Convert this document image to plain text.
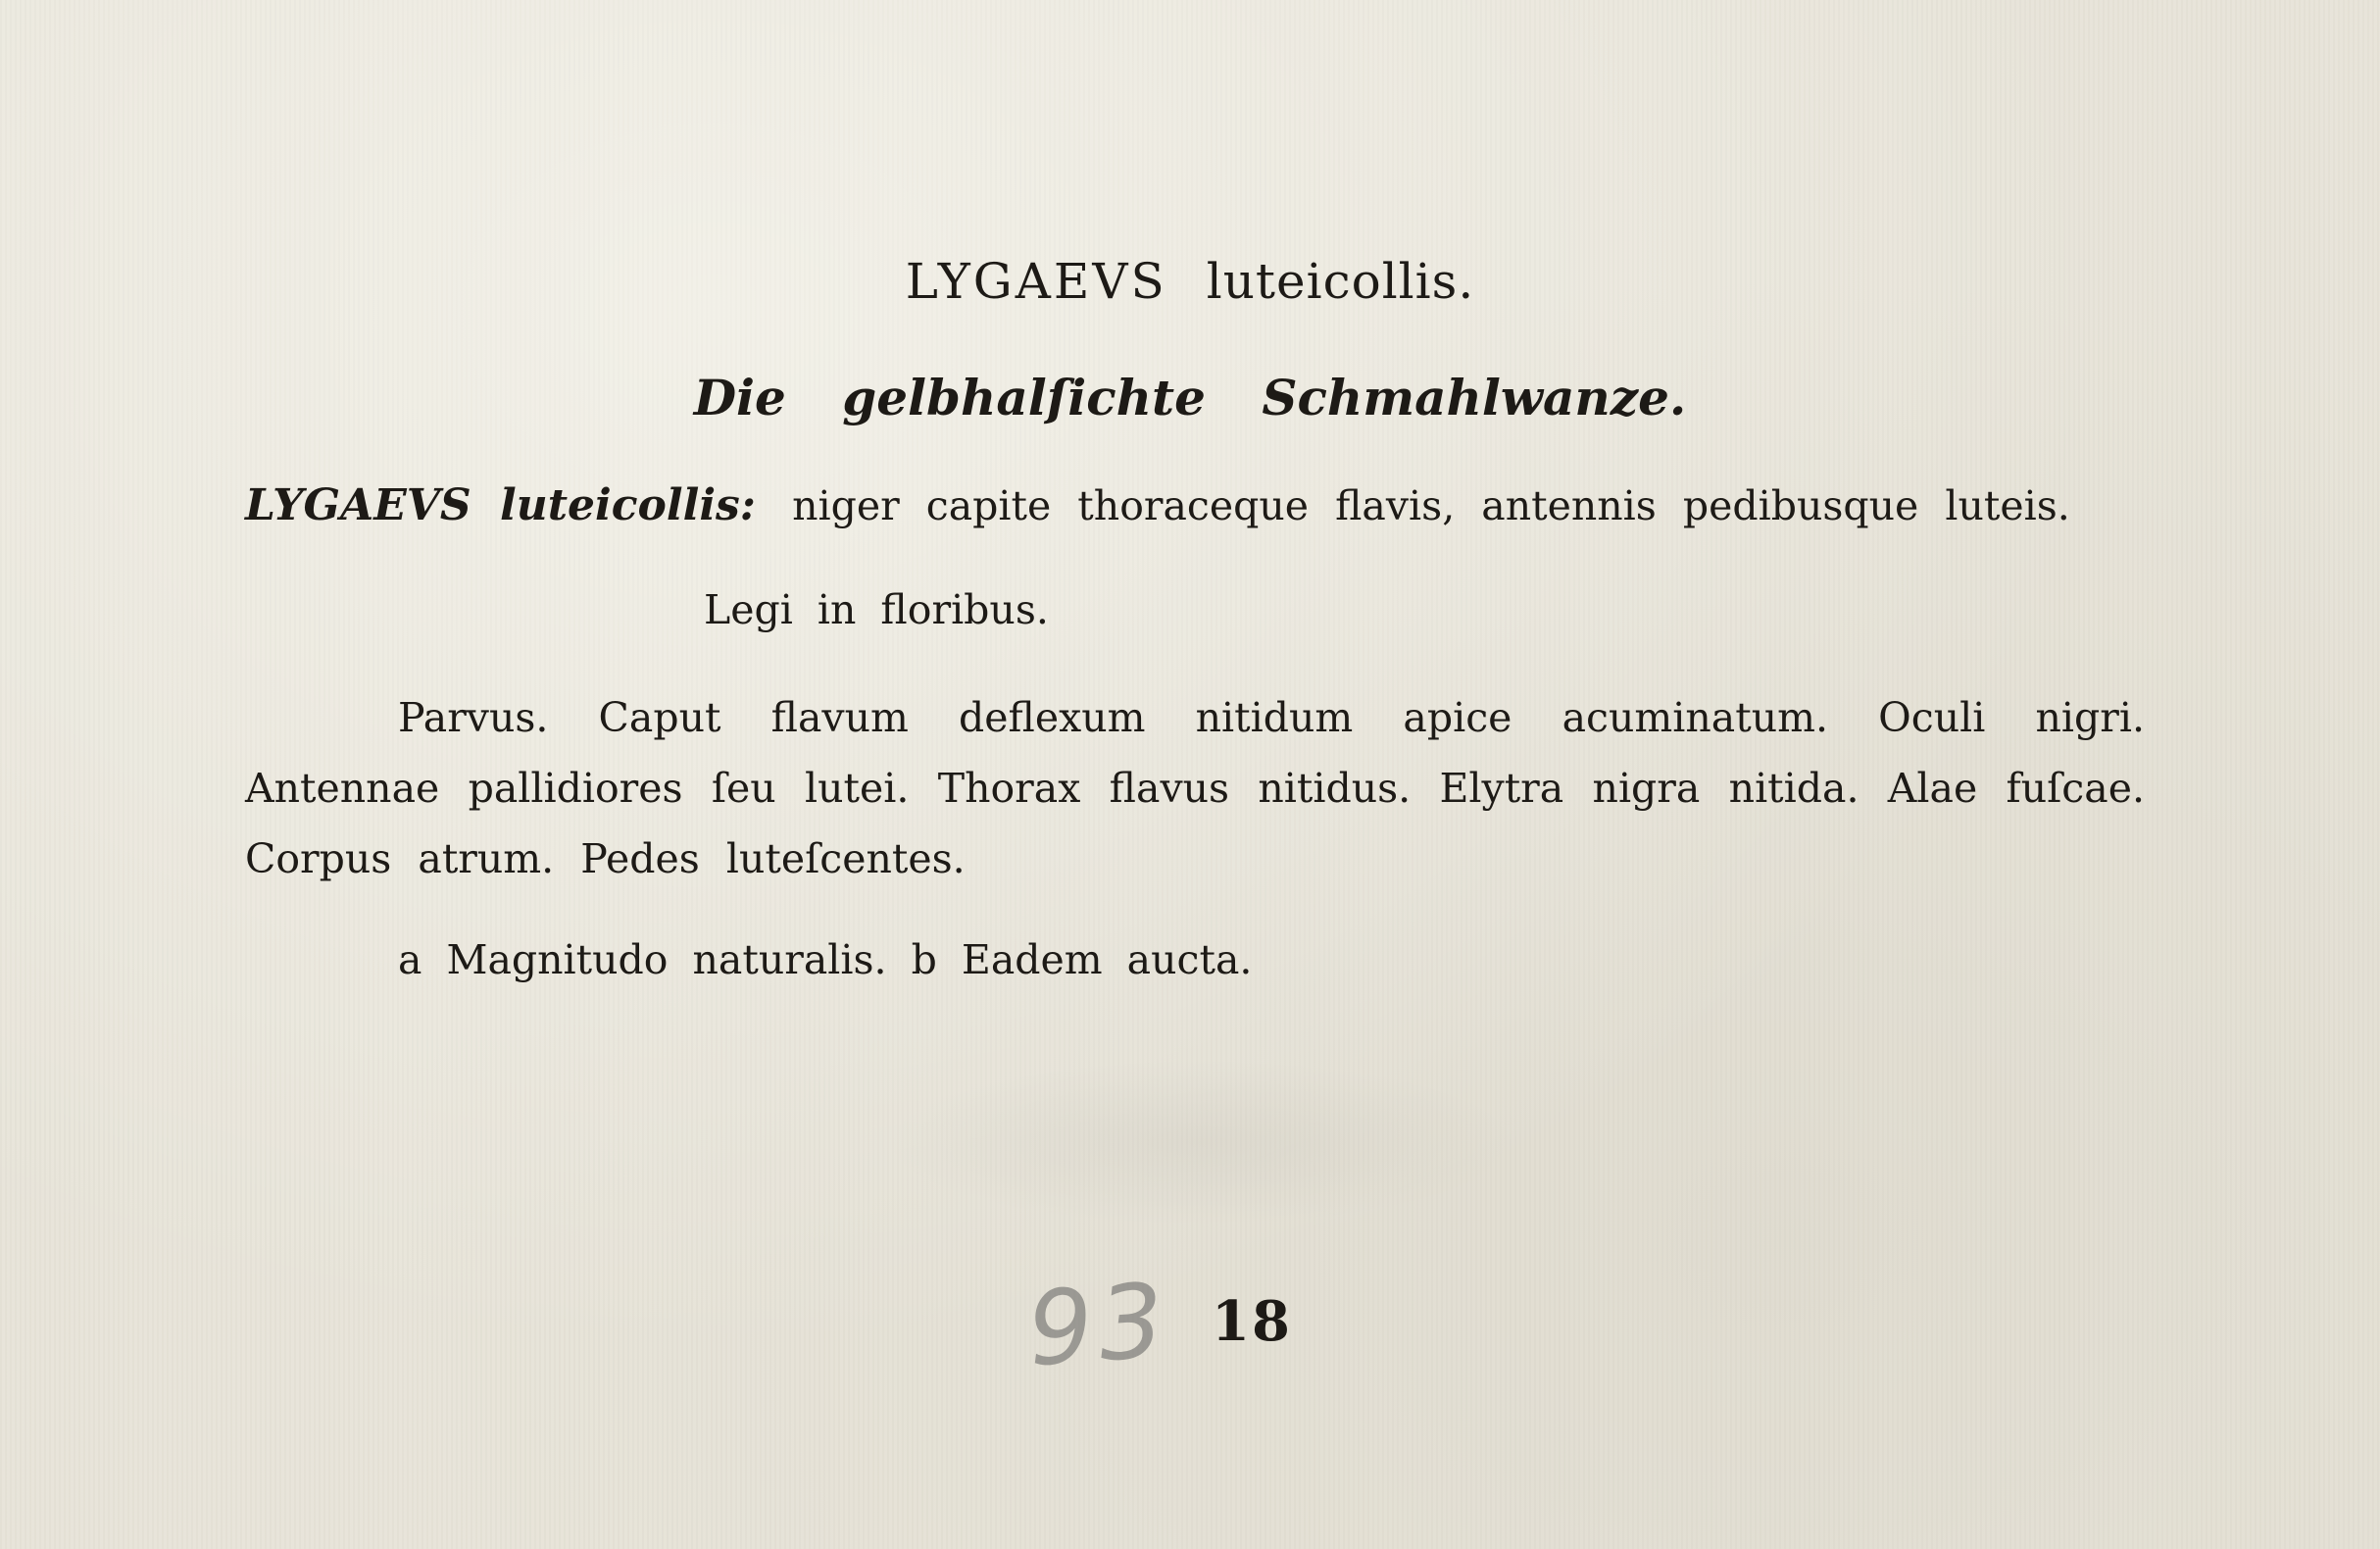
LYGAEVS luteicollis.

Die gelbhalſichte Schmahlwanze.

LYGAEVS luteicollis: niger capite thoraceque flavis, antennis pedibusque luteis.

Legi in floribus.

Parvus. Caput flavum deflexum nitidum apice acuminatum. Oculi nigri. Antennae pallidiores ſeu lutei. Thorax flavus nitidus. Elytra nigra nitida. Alae fuſcae. Corpus atrum. Pedes luteſcentes.

a Magnitudo naturalis. b Eadem aucta.

93 18
